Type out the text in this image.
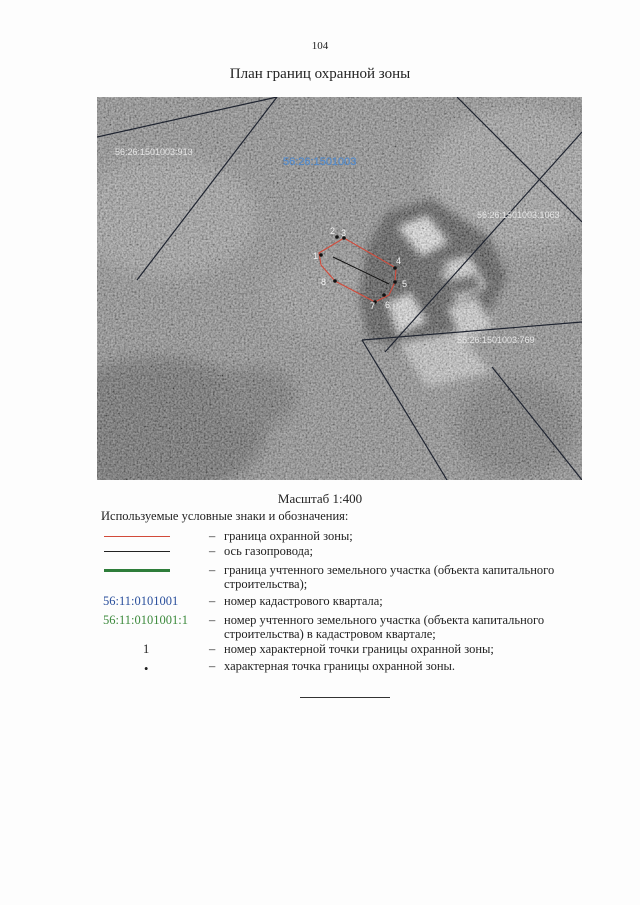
104
План границ охранной зоны
1
2 3
4
5
6
7
8
56:26:1501003
56:26:1501003:913
56:26:1501003:1063
56:26:1501003:769
Масштаб 1:400
Используемые условные знаки и обозначения:
– граница охранной зоны;
– ось газопровода;
– граница учтенного земельного участка (объекта капитального строительства);
56:11:0101001 – номер кадастрового квартала;
56:11:0101001:1	– номер учтенного земельного участка (объекта капитального строительства) в кадастровом квартале;
1	– номер характерной точки границы охранной зоны;
•	– характерная точка границы охранной зоны.
